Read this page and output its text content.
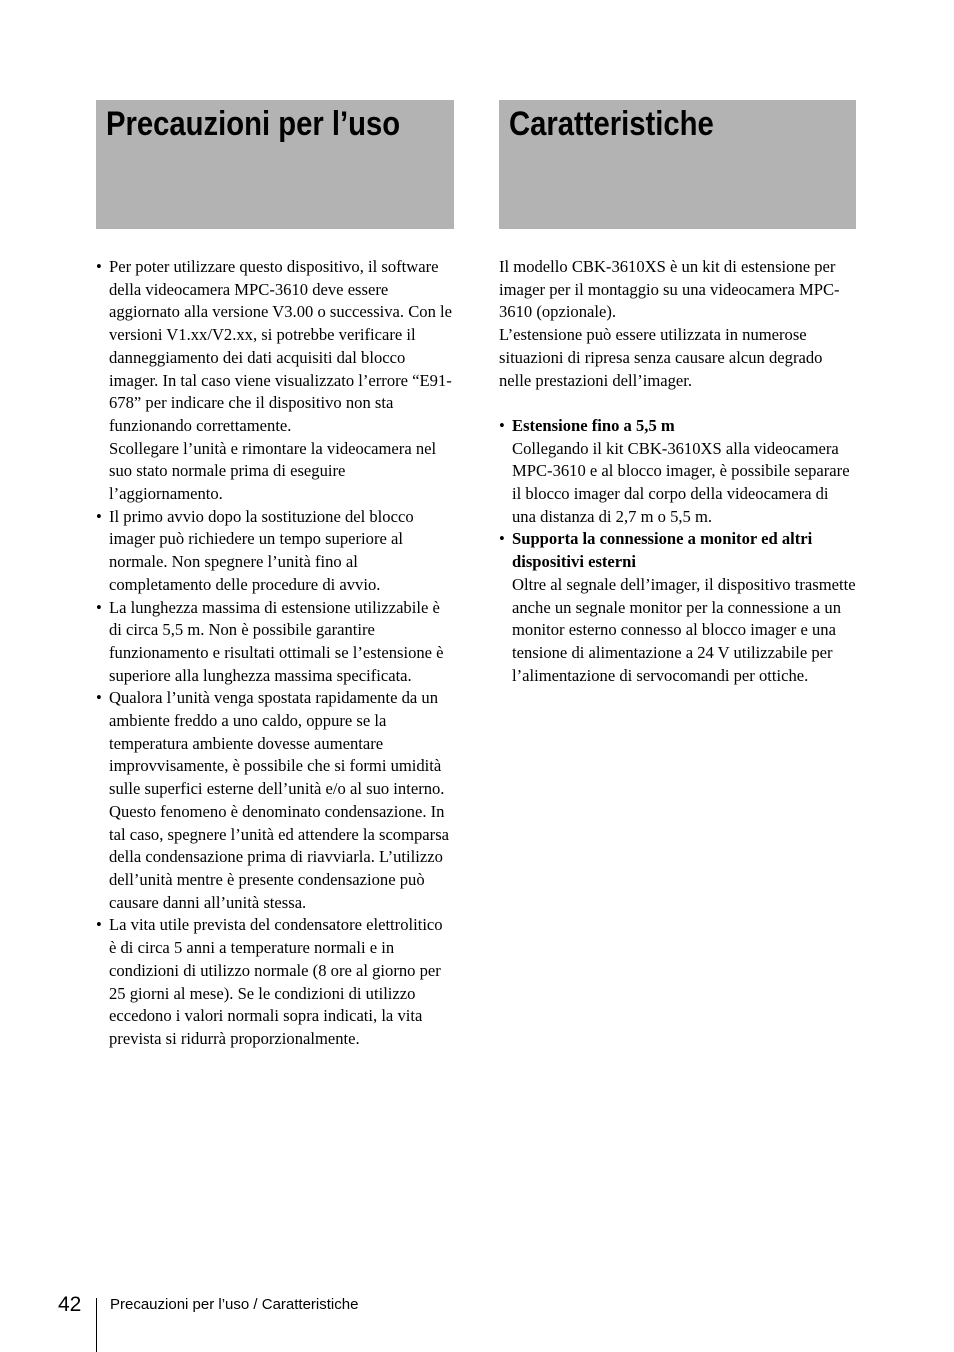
Precauzioni per l’uso	Caratteristiche

• Per poter utilizzare questo dispositivo, il software della videocamera MPC-3610 deve essere aggiornato alla versione V3.00 o successiva. Con le versioni V1.xx/V2.xx, si potrebbe verificare il danneggiamento dei dati acquisiti dal blocco imager. In tal caso viene visualizzato l’errore “E91-678” per indicare che il dispositivo non sta funzionando correttamente.

Scollegare l’unità e rimontare la videocamera nel suo stato normale prima di eseguire l’aggiornamento.

• Il primo avvio dopo la sostituzione del blocco imager può richiedere un tempo superiore al normale. Non spegnere l’unità fino al completamento delle procedure di avvio.

• La lunghezza massima di estensione utilizzabile è di circa 5,5 m. Non è possibile garantire funzionamento e risultati ottimali se l’estensione è superiore alla lunghezza massima specificata.

• Qualora l’unità venga spostata rapidamente da un ambiente freddo a uno caldo, oppure se la temperatura ambiente dovesse aumentare improvvisamente, è possibile che si formi umidità sulle superfici esterne dell’unità e/o al suo interno. Questo fenomeno è denominato condensazione. In tal caso, spegnere l’unità ed attendere la scomparsa della condensazione prima di riavviarla. L’utilizzo dell’unità mentre è presente condensazione può causare danni all’unità stessa.

• La vita utile prevista del condensatore elettrolitico è di circa 5 anni a temperature normali e in condizioni di utilizzo normale (8 ore al giorno per 25 giorni al mese). Se le condizioni di utilizzo eccedono i valori normali sopra indicati, la vita prevista si ridurrà proporzionalmente.

Il modello CBK-3610XS è un kit di estensione per imager per il montaggio su una videocamera MPC-3610 (opzionale).

L’estensione può essere utilizzata in numerose situazioni di ripresa senza causare alcun degrado nelle prestazioni dell’imager.

• Estensione fino a 5,5 m

Collegando il kit CBK-3610XS alla videocamera MPC-3610 e al blocco imager, è possibile separare il blocco imager dal corpo della videocamera di una distanza di 2,7 m o 5,5 m.

• Supporta la connessione a monitor ed altri dispositivi esterni

Oltre al segnale dell’imager, il dispositivo trasmette anche un segnale monitor per la connessione a un monitor esterno connesso al blocco imager e una tensione di alimentazione a 24 V utilizzabile per l’alimentazione di servocomandi per ottiche.

42 Precauzioni per l’uso / Caratteristiche
